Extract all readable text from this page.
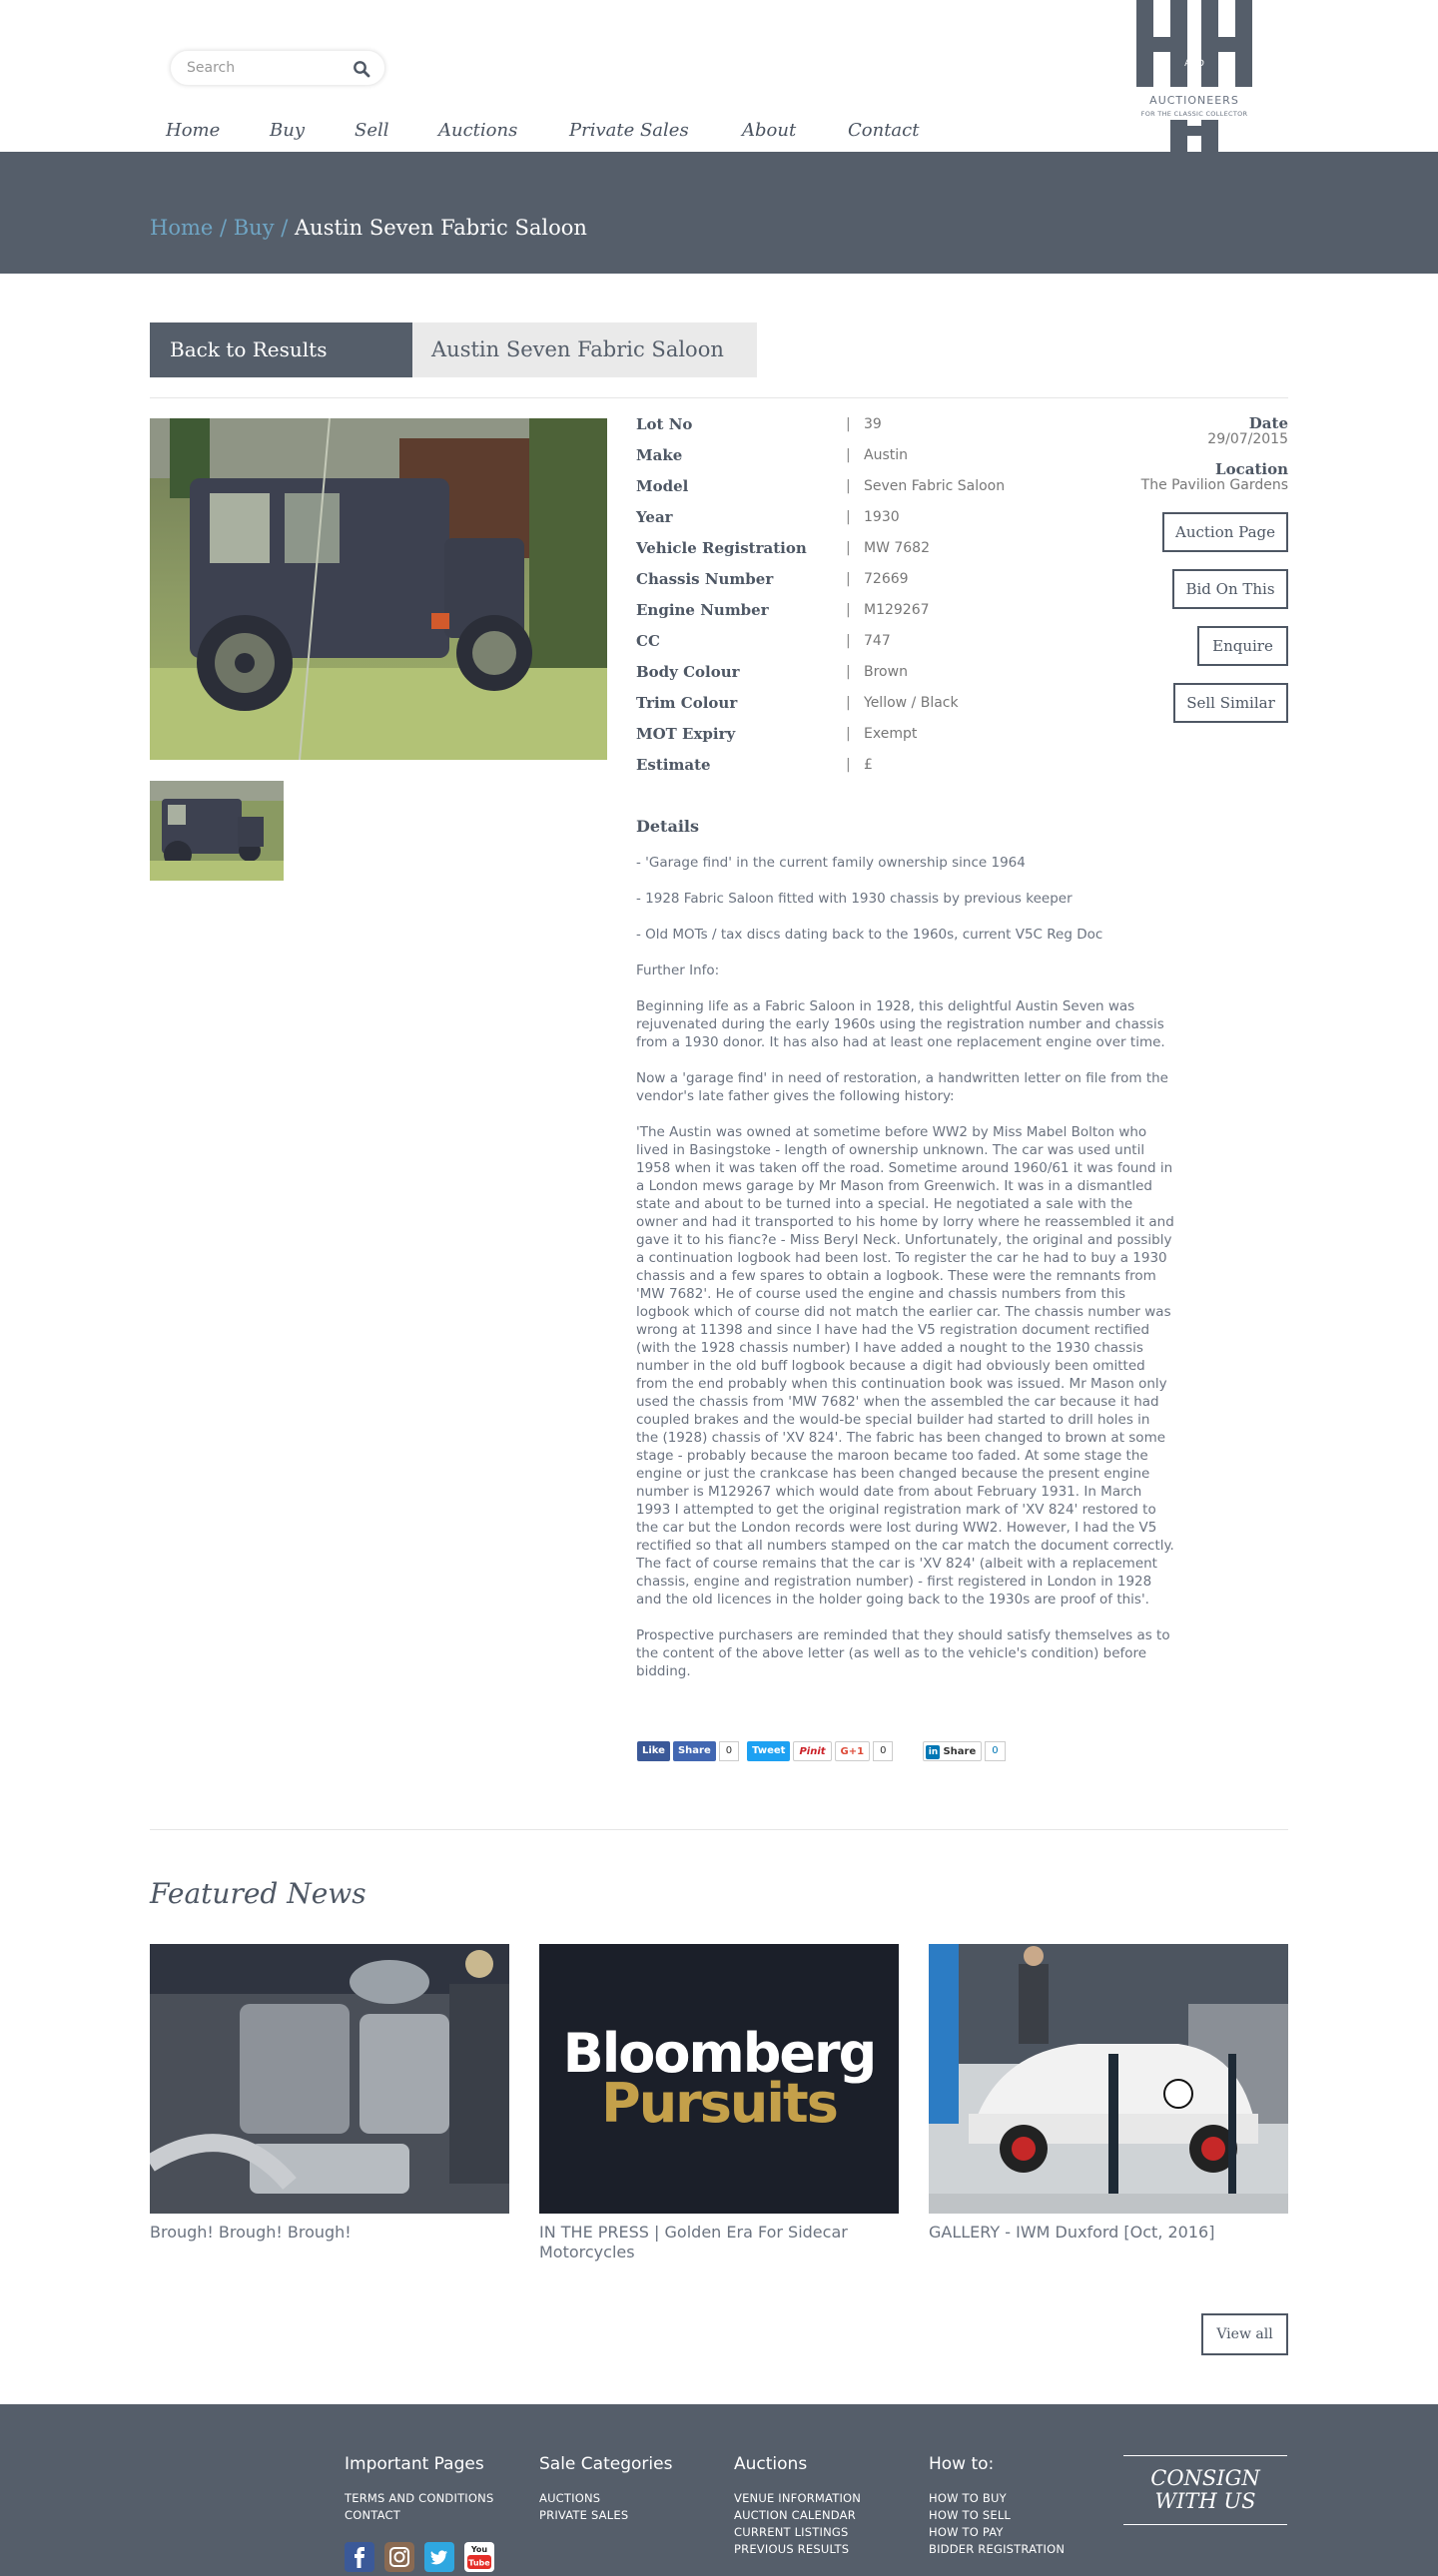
Search
Home	Buy	Sell	Auctions	Private Sales	About	Contact
AND
AUCTIONEERS
FOR THE CLASSIC COLLECTOR
Home / Buy / Austin Seven Fabric Saloon
Back to Results	Austin Seven Fabric Saloon
Lot No	| 39
Make	| Austin
Model	| Seven Fabric Saloon
Year	| 1930
Vehicle Registration	| MW 7682
Chassis Number	| 72669
Engine Number	| M129267
CC	| 747
Body Colour	| Brown
Trim Colour	| Yellow / Black
MOT Expiry	| Exempt
Estimate	| £
Date
29/07/2015
Location
The Pavilion Gardens
Auction Page
Bid On This
Enquire
Sell Similar
Details

- 'Garage find' in the current family ownership since 1964

- 1928 Fabric Saloon fitted with 1930 chassis by previous keeper

- Old MOTs / tax discs dating back to the 1960s, current V5C Reg Doc

Further Info:

Beginning life as a Fabric Saloon in 1928, this delightful Austin Seven was rejuvenated during the early 1960s using the registration number and chassis from a 1930 donor. It has also had at least one replacement engine over time.

Now a 'garage find' in need of restoration, a handwritten letter on file from the vendor's late father gives the following history:

'The Austin was owned at sometime before WW2 by Miss Mabel Bolton who lived in Basingstoke - length of ownership unknown. The car was used until 1958 when it was taken off the road. Sometime around 1960/61 it was found in a London mews garage by Mr Mason from Greenwich. It was in a dismantled state and about to be turned into a special. He negotiated a sale with the owner and had it transported to his home by lorry where he reassembled it and gave it to his fianc?e - Miss Beryl Neck. Unfortunately, the original and possibly a continuation logbook had been lost. To register the car he had to buy a 1930 chassis and a few spares to obtain a logbook. These were the remnants from 'MW 7682'. He of course used the engine and chassis numbers from this logbook which of course did not match the earlier car. The chassis number was wrong at 11398 and since I have had the V5 registration document rectified (with the 1928 chassis number) I have added a nought to the 1930 chassis number in the old buff logbook because a digit had obviously been omitted from the end probably when this continuation book was issued. Mr Mason only used the chassis from 'MW 7682' when the assembled the car because it had coupled brakes and the would-be special builder had started to drill holes in the (1928) chassis of 'XV 824'. The fabric has been changed to brown at some stage - probably because the maroon became too faded. At some stage the engine or just the crankcase has been changed because the present engine number is M129267 which would date from about February 1931. In March 1993 I attempted to get the original registration mark of 'XV 824' restored to the car but the London records were lost during WW2. However, I had the V5 rectified so that all numbers stamped on the car match the document correctly. The fact of course remains that the car is 'XV 824' (albeit with a replacement chassis, engine and registration number) - first registered in London in 1928 and the old licences in the holder going back to the 1930s are proof of this'.

Prospective purchasers are reminded that they should satisfy themselves as to the content of the above letter (as well as to the vehicle's condition) before bidding.

Like	Share	0	Tweet	Pinit	G+1	0	in Share	0
Featured News
Bloomberg
Pursuits
Brough! Brough! Brough!	IN THE PRESS | Golden Era For Sidecar Motorcycles
GALLERY - IWM Duxford [Oct, 2016]
View all
Important Pages
TERMS AND CONDITIONS
CONTACT
Sale Categories
AUCTIONS
PRIVATE SALES
Auctions
VENUE INFORMATION
AUCTION CALENDAR
CURRENT LISTINGS
PREVIOUS RESULTS
How to:
HOW TO BUY
HOW TO SELL
HOW TO PAY
BIDDER REGISTRATION
CONSIGN
WITH US
You
Tube
